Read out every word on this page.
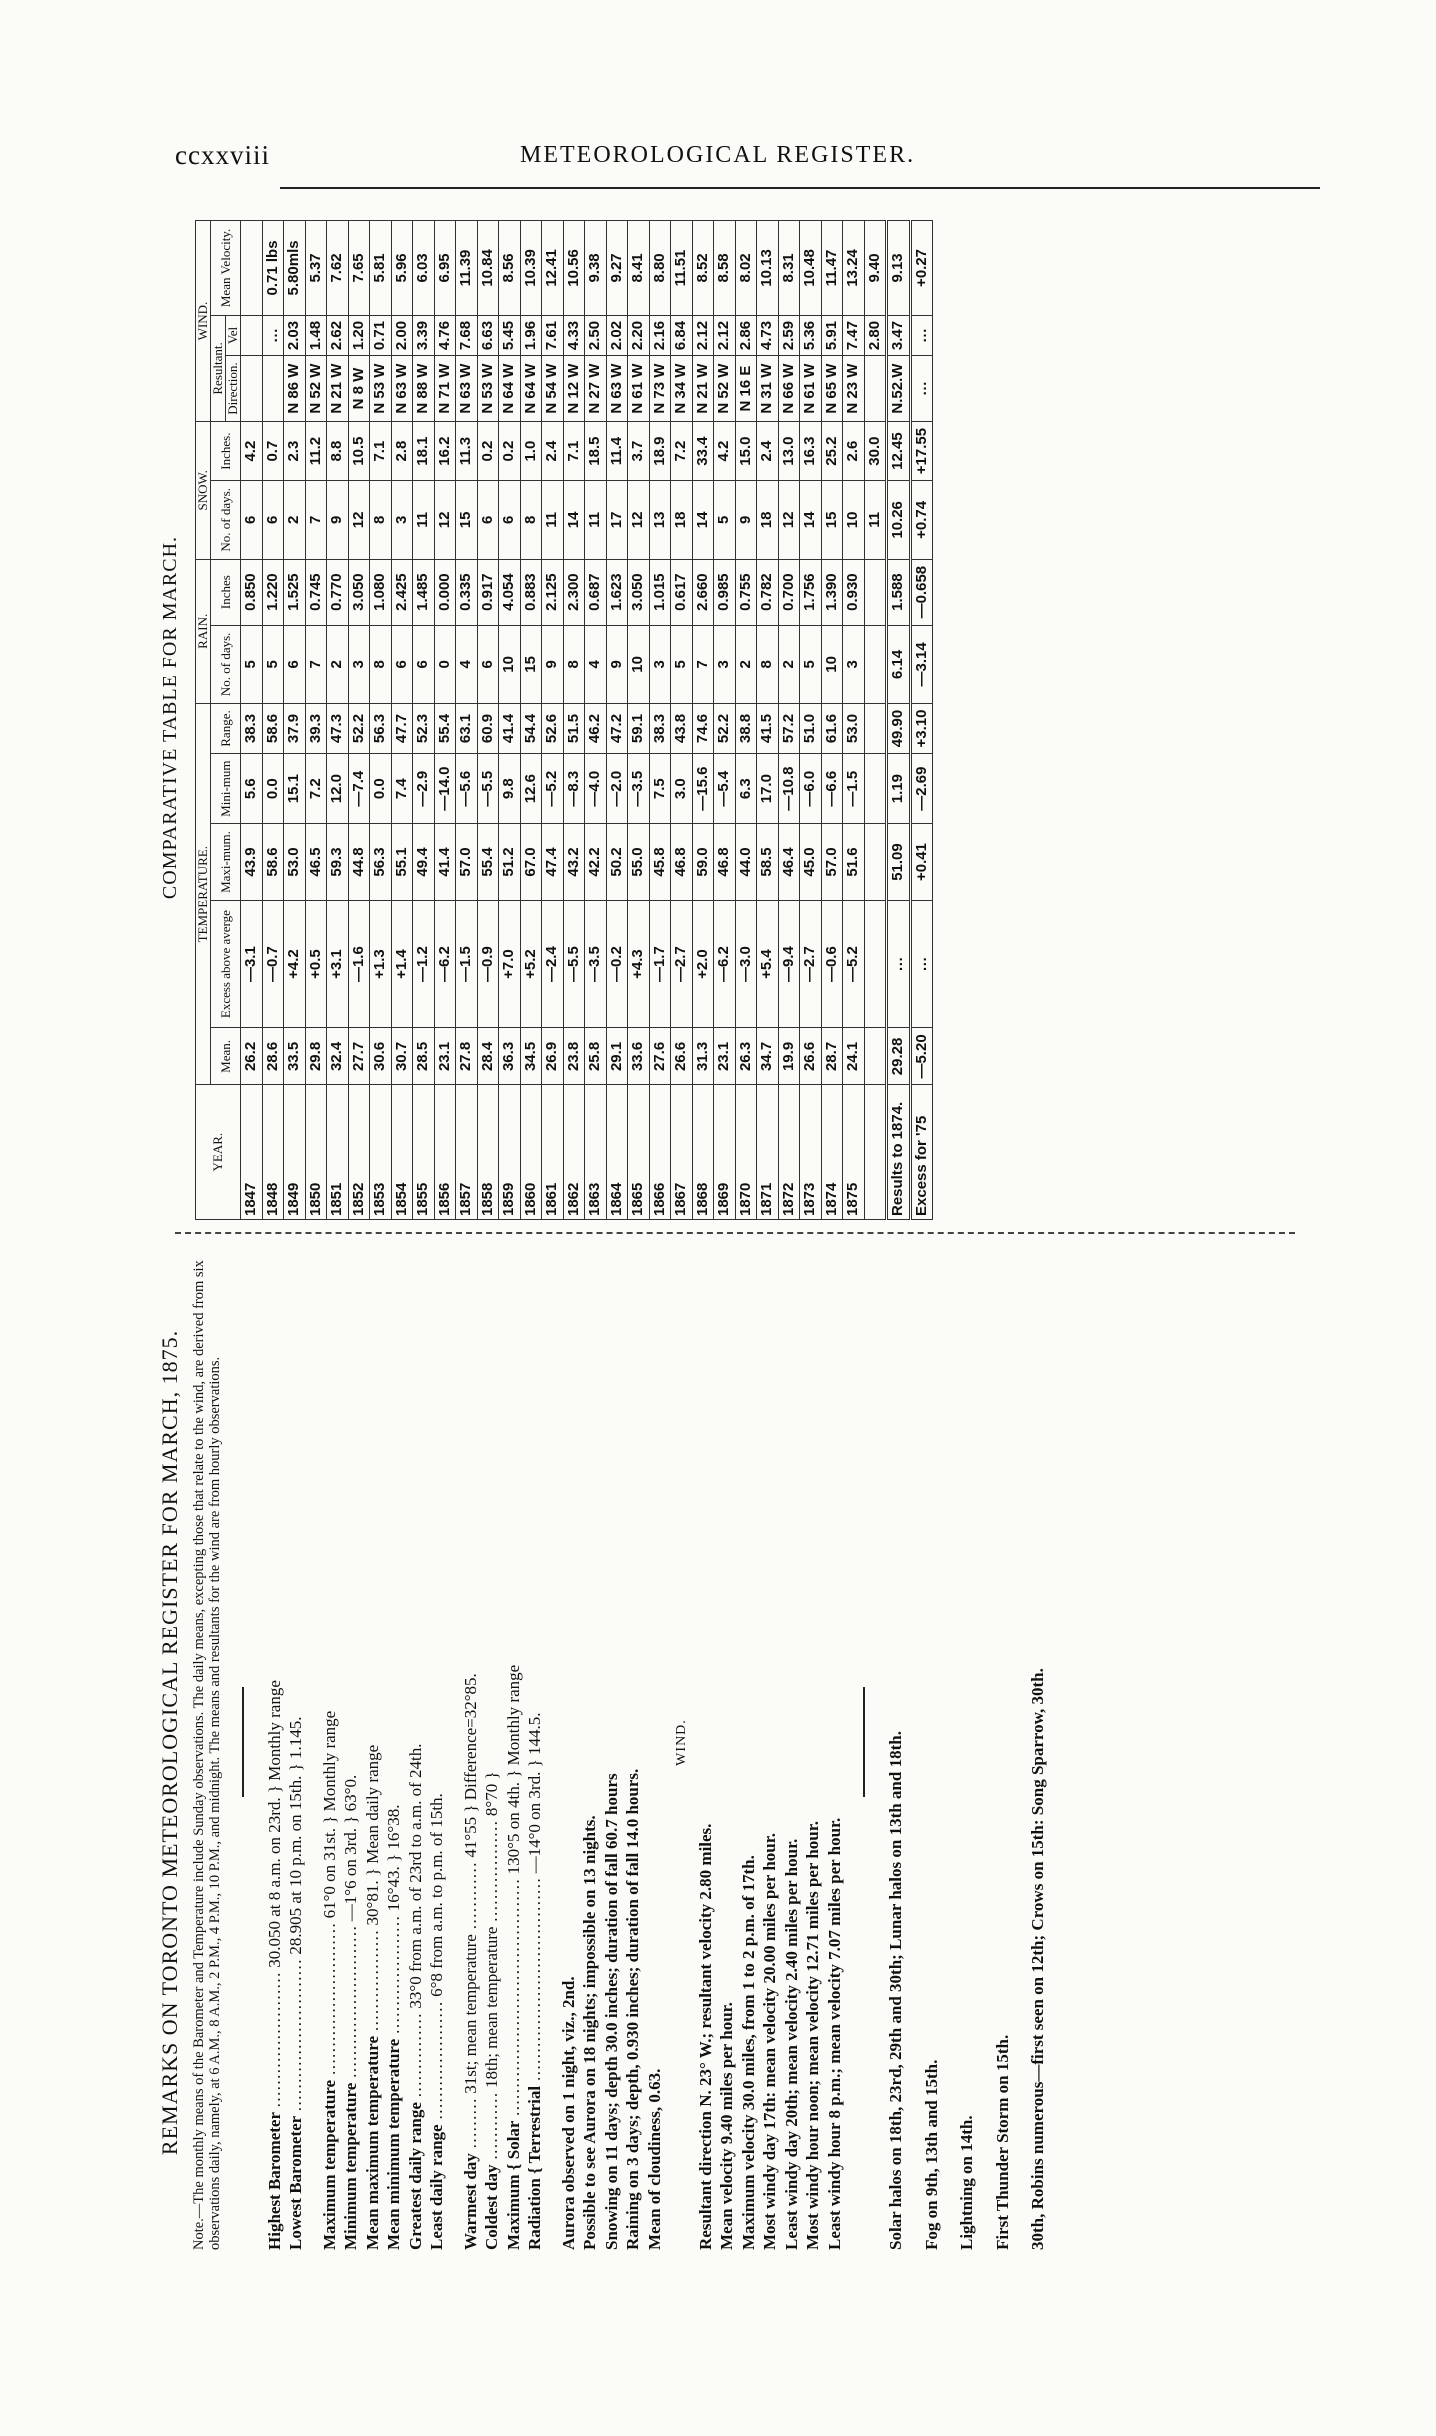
ccxxviii	METEOROLOGICAL REGISTER.
REMARKS ON TORONTO METEOROLOGICAL REGISTER FOR MARCH, 1875. Note.—The monthly means of the Barometer and Temperature include Sunday observations. The daily means, excepting those that relate to the wind, are derived from six observations daily, namely, at 6 A.M., 8 A.M., 2 P.M., 4 P.M., 10 P.M., and midnight. The means and resultants for the wind are from hourly observations. Highest Barometer …………………… 30.050 at 8 a.m. on 23rd. } Monthly range
Lowest Barometer ……………………… 28.905 at 10 p.m. on 15th. } 1.145.
Maximum temperature ……………………… 61°0 on 31st. } Monthly range
Minimum temperature ……………………… —1°6 on 3rd. } 63°0.
Mean maximum temperature ……………… 30°81. } Mean daily range
Mean minimum temperature ………………… 16°43. } 16°38.
Greatest daily range …………… 33°0 from a.m. of 23rd to a.m. of 24th.
Least daily range ………………… 6°8 from a.m. to p.m. of 15th.
Warmest day ……… 31st; mean temperature ………… 41°55 } Difference=32°85.
Coldest day ………… 18th; mean temperature ……………… 8°70 }
Maximum { Solar …………………………………… 130°5 on 4th. } Monthly range
Radiation { Terrestrial ……………………………… —14°0 on 3rd. } 144.5.
Aurora observed on 1 night, viz., 2nd. Possible to see Aurora on 18 nights; impossible on 13 nights. Snowing on 11 days; depth 30.0 inches; duration of fall 60.7 hours Raining on 3 days; depth, 0.930 inches; duration of fall 14.0 hours. Mean of cloudiness, 0.63.
WIND.
Resultant direction N. 23° W.; resultant velocity 2.80 miles. Mean velocity 9.40 miles per hour. Maximum velocity 30.0 miles, from 1 to 2 p.m. of 17th. Most windy day 17th: mean velocity 20.00 miles per hour. Least windy day 20th; mean velocity 2.40 miles per hour. Most windy hour noon; mean velocity 12.71 miles per hour. Least windy hour 8 p.m.; mean velocity 7.07 miles per hour.	Solar halos on 18th, 23rd, 29th and 30th; Lunar halos on 13th and 18th. Fog on 9th, 13th and 15th. Lightning on 14th. First Thunder Storm on 15th. 30th, Robins numerous—first seen on 12th; Crows on 15th: Song Sparrow, 30th.
COMPARATIVE TABLE FOR MARCH.
YEAR.	TEMPERATURE.					RAIN.		SNOW.		WIND.		
	Mean.	Excess above averge	Maxi-mum.	Mini-mum	Range.	No. of days.	Inches	No. of days.	Inches.	Resultant.		Mean Velocity.
										Direction.	Vel	
1847	26.2	—3.1	43.9	5.6	38.3	5	0.850	6	4.2			
1848	28.6	—0.7	58.6	0.0	58.6	5	1.220	6	0.7		…	0.71 lbs
1849	33.5	+4.2	53.0	15.1	37.9	6	1.525	2	2.3	N 86 W	2.03	5.80mls
1850	29.8	+0.5	46.5	7.2	39.3	7	0.745	7	11.2	N 52 W	1.48	5.37
1851	32.4	+3.1	59.3	12.0	47.3	2	0.770	9	8.8	N 21 W	2.62	7.62
1852	27.7	—1.6	44.8	—7.4	52.2	3	3.050	12	10.5	N 8 W	1.20	7.65
1853	30.6	+1.3	56.3	0.0	56.3	8	1.080	8	7.1	N 53 W	0.71	5.81
1854	30.7	+1.4	55.1	7.4	47.7	6	2.425	3	2.8	N 63 W	2.00	5.96
1855	28.5	—1.2	49.4	—2.9	52.3	6	1.485	11	18.1	N 88 W	3.39	6.03
1856	23.1	—6.2	41.4	—14.0	55.4	0	0.000	12	16.2	N 71 W	4.76	6.95
1857	27.8	—1.5	57.0	—5.6	63.1	4	0.335	15	11.3	N 63 W	7.68	11.39
1858	28.4	—0.9	55.4	—5.5	60.9	6	0.917	6	0.2	N 53 W	6.63	10.84
1859	36.3	+7.0	51.2	9.8	41.4	10	4.054	6	0.2	N 64 W	5.45	8.56
1860	34.5	+5.2	67.0	12.6	54.4	15	0.883	8	1.0	N 64 W	1.96	10.39
1861	26.9	—2.4	47.4	—5.2	52.6	9	2.125	11	2.4	N 54 W	7.61	12.41
1862	23.8	—5.5	43.2	—8.3	51.5	8	2.300	14	7.1	N 12 W	4.33	10.56
1863	25.8	—3.5	42.2	—4.0	46.2	4	0.687	11	18.5	N 27 W	2.50	9.38
1864	29.1	—0.2	50.2	—2.0	47.2	9	1.623	17	11.4	N 63 W	2.02	9.27
1865	33.6	+4.3	55.0	—3.5	59.1	10	3.050	12	3.7	N 61 W	2.20	8.41
1866	27.6	—1.7	45.8	7.5	38.3	3	1.015	13	18.9	N 73 W	2.16	8.80
1867	26.6	—2.7	46.8	3.0	43.8	5	0.617	18	7.2	N 34 W	6.84	11.51
1868	31.3	+2.0	59.0	—15.6	74.6	7	2.660	14	33.4	N 21 W	2.12	8.52
1869	23.1	—6.2	46.8	—5.4	52.2	3	0.985	5	4.2	N 52 W	2.12	8.58
1870	26.3	—3.0	44.0	6.3	38.8	2	0.755	9	15.0	N 16 E	2.86	8.02
1871	34.7	+5.4	58.5	17.0	41.5	8	0.782	18	2.4	N 31 W	4.73	10.13
1872	19.9	—9.4	46.4	—10.8	57.2	2	0.700	12	13.0	N 66 W	2.59	8.31
1873	26.6	—2.7	45.0	—6.0	51.0	5	1.756	14	16.3	N 61 W	5.36	10.48
1874	28.7	—0.6	57.0	—6.6	61.6	10	1.390	15	25.2	N 65 W	5.91	11.47
1875	24.1	—5.2	51.6	—1.5	53.0	3	0.930	10	2.6	N 23 W	7.47	13.24
								11	30.0		2.80	9.40
Results to 1874.	29.28	…	51.09	1.19	49.90	6.14	1.588	10.26	12.45	N.52.W	3.47	9.13
Excess for '75	—5.20	…	+0.41	—2.69	+3.10	—3.14	—0.658	+0.74	+17.55	…	…	+0.27
